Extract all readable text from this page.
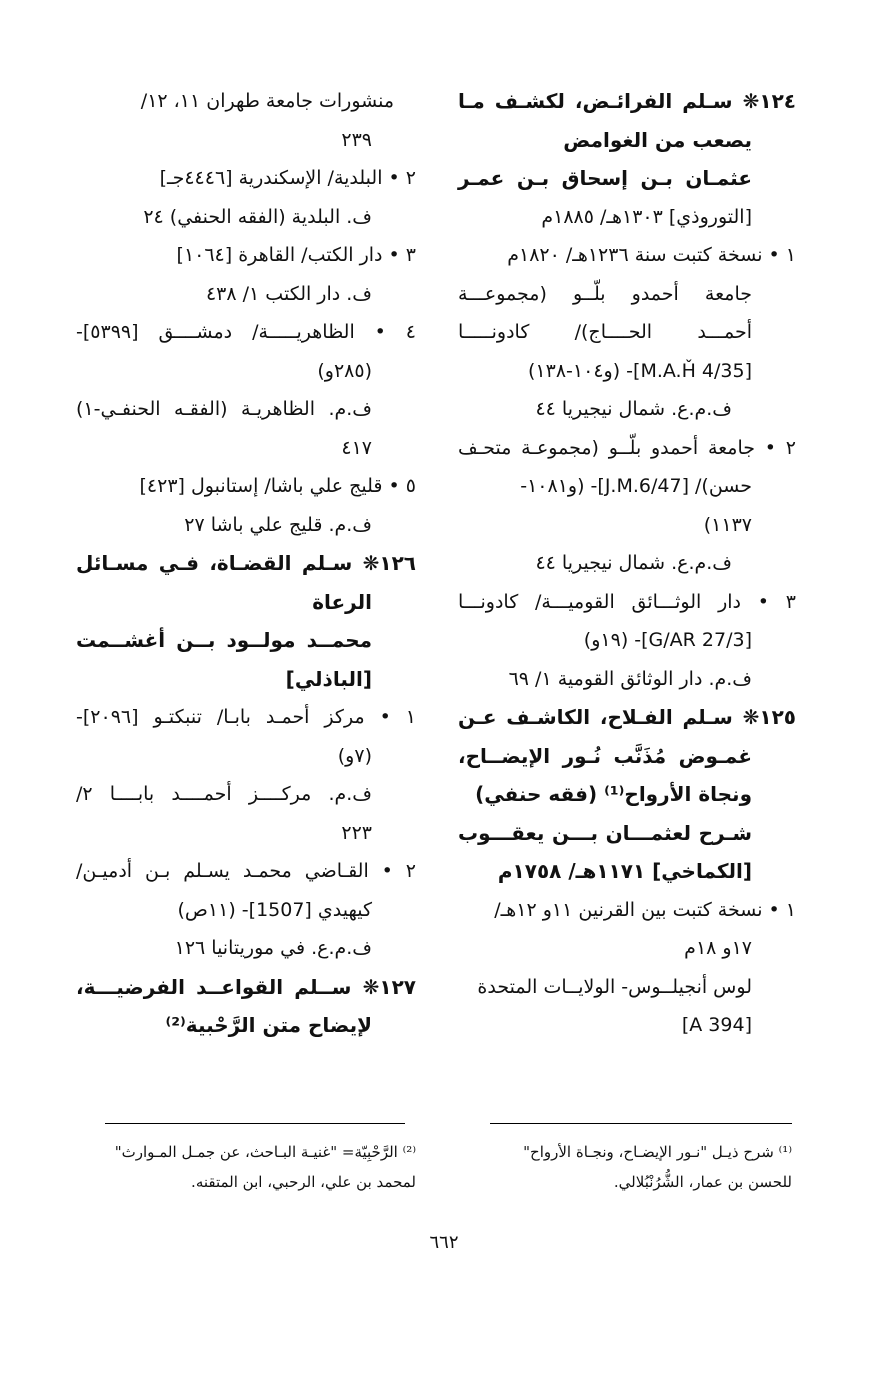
١٢٤❋ سـلم الفرائـض، لكشـف مـا
يصعب من الغوامض
عثمـان بـن إسحاق بـن عمـر
[التوروذي] ١٣٠٣هـ/ ١٨٨٥م
١ • نسخة كتبت سنة ١٢٣٦هـ/ ١٨٢٠م
جامعة أحمدو بلّــو (مجموعـــة
أحمـــد الحــــاج)/ كادونـــــا
[M.A.Ȟ 4/35]- (و١٠٤-١٣٨)
ف.م.ع. شمال نيجيريا ٤٤
٢ • جامعة أحمدو بلّــو (مجموعـة متحـف
حسن)/ [J.M.6/47]- (و١٠٨١-
١١٣٧)
ف.م.ع. شمال نيجيريا ٤٤
٣ • دار الوثـــائق القوميـــة/ كادونـــا
[G/AR 27/3]- (١٩و)
ف.م. دار الوثائق القومية ١/ ٦٩
١٢٥❋ سـلم الفـلاح، الكاشـف عـن
غمـوض مُذَنَّب نُـور الإيضــاح،
ونجاة الأرواح⁽¹⁾ (فقه حنفي)
شـرح لعثمـــان بـــن يعقـــوب
[الكماخي] ١١٧١هـ/ ١٧٥٨م
١ • نسخة كتبت بين القرنين ١١و ١٢هـ/
١٧و ١٨م
لوس أنجيلــوس- الولايــات المتحدة
[A 394]
منشورات جامعة طهران ١١، ١٢/
٢٣٩
٢ • البلدية/ الإسكندرية [٤٤٤٦جـ]
ف. البلدية (الفقه الحنفي) ٢٤
٣ • دار الكتب/ القاهرة [١٠٦٤]
ف. دار الكتب ١/ ٤٣٨
٤ • الظاهريـــــة/ دمشــــق [٥٣٩٩]-
(٢٨٥و)
ف.م. الظاهريـة (الفقـه الحنفـي-١)
٤١٧
٥ • قليج علي باشا/ إستانبول [٤٢٣]
ف.م. قليج علي باشا ٢٧
١٢٦❋ سـلم القضـاة، فـي مسـائل
الرعاة
محمــد مولــود بــن أغشــمت
[الباذلي]
١ • مركز أحمـد بابـا/ تنبكتـو [٢٠٩٦]-
(٧و)
ف.م. مركــــز أحمــــد بابــــا ٢/
٢٢٣
٢ • القـاضي محمـد يسـلم بـن أدميـن/
كيهيدي [1507]- (١١ص)
ف.م.ع. في موريتانيا ١٢٦
١٢٧❋ ســلم القواعــد الفرضيـــة،
لإيضاح متن الرَّحْبية⁽²⁾
⁽¹⁾ شرح ذيـل "نـور الإيضـاح، ونجـاة الأرواح"
للحسن بن عمار، الشُّرُنْبُلالي.
⁽²⁾ الرَّحْبِيّة= "غنيـة البـاحث، عن جمـل المـوارث"
لمحمد بن علي، الرحبي، ابن المتقنه.
٦٦٢
